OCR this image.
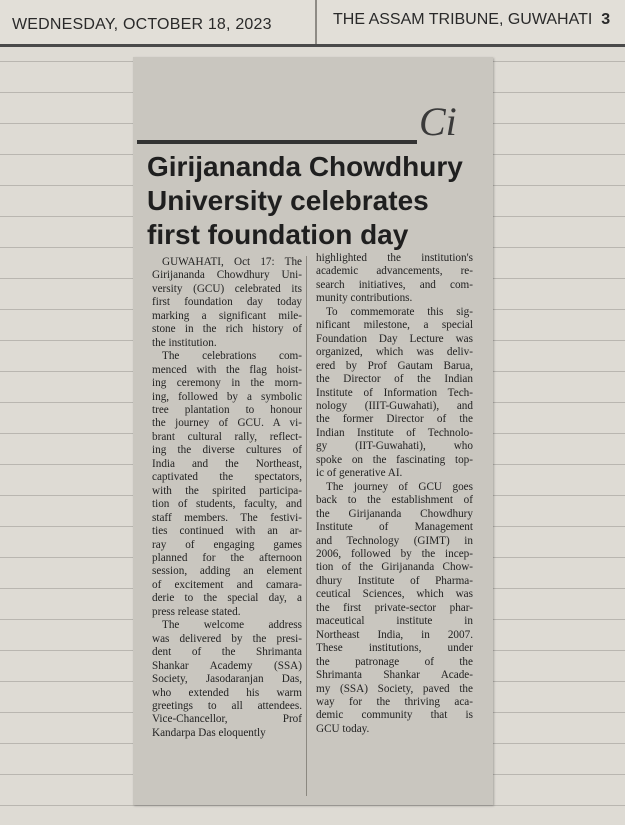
WEDNESDAY, OCTOBER 18, 2023	THE ASSAM TRIBUNE, GUWAHATI 3
Ci
Girijananda Chowdhury
University celebrates
first foundation day
GUWAHATI, Oct 17: The
Girijananda Chowdhury Uni-
versity (GCU) celebrated its
first foundation day today
marking a significant mile-
stone in the rich history of
the institution.
The celebrations com-
menced with the flag hoist-
ing ceremony in the morn-
ing, followed by a symbolic
tree plantation to honour
the journey of GCU. A vi-
brant cultural rally, reflect-
ing the diverse cultures of
India and the Northeast,
captivated the spectators,
with the spirited participa-
tion of students, faculty, and
staff members. The festivi-
ties continued with an ar-
ray of engaging games
planned for the afternoon
session, adding an element
of excitement and camara-
derie to the special day, a
press release stated.
The welcome address
was delivered by the presi-
dent of the Shrimanta
Shankar Academy (SSA)
Society, Jasodaranjan Das,
who extended his warm
greetings to all attendees.
Vice-Chancellor, Prof
Kandarpa Das eloquently
highlighted the institution's
academic advancements, re-
search initiatives, and com-
munity contributions.
To commemorate this sig-
nificant milestone, a special
Foundation Day Lecture was
organized, which was deliv-
ered by Prof Gautam Barua,
the Director of the Indian
Institute of Information Tech-
nology (IIIT-Guwahati), and
the former Director of the
Indian Institute of Technolo-
gy (IIT-Guwahati), who
spoke on the fascinating top-
ic of generative AI.
The journey of GCU goes
back to the establishment of
the Girijananda Chowdhury
Institute of Management
and Technology (GIMT) in
2006, followed by the incep-
tion of the Girijananda Chow-
dhury Institute of Pharma-
ceutical Sciences, which was
the first private-sector phar-
maceutical institute in
Northeast India, in 2007.
These institutions, under
the patronage of the
Shrimanta Shankar Acade-
my (SSA) Society, paved the
way for the thriving aca-
demic community that is
GCU today.
